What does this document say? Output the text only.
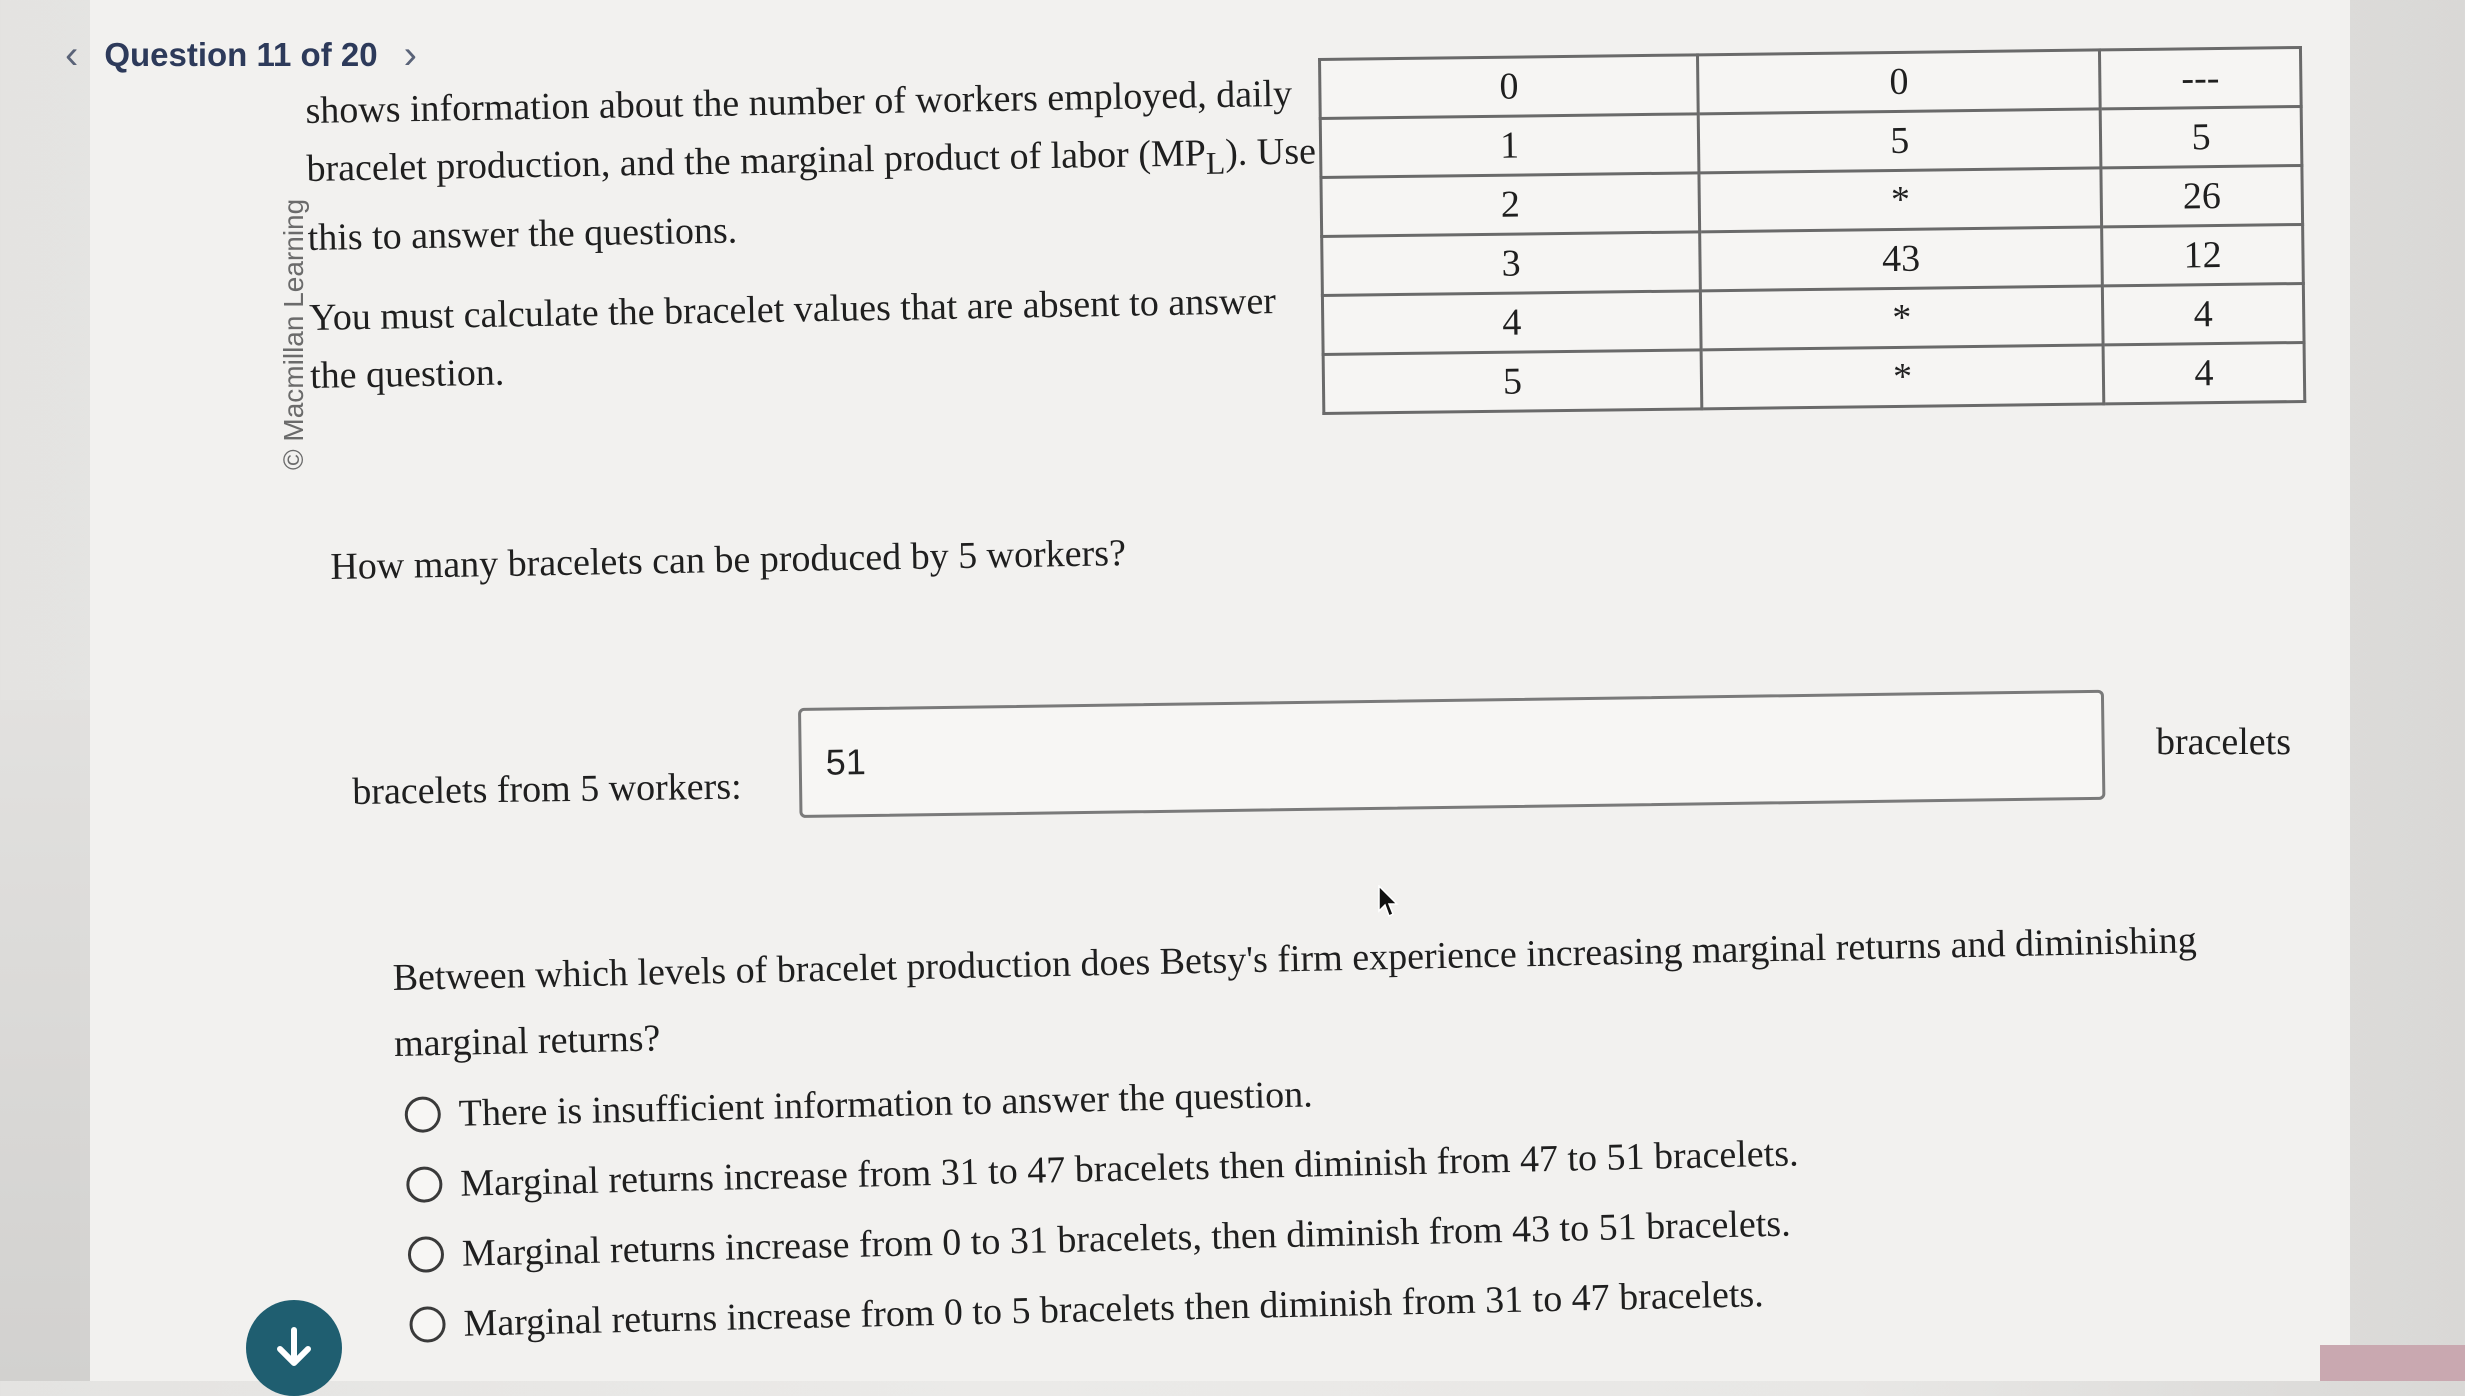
‹ Question 11 of 20 ›
© Macmillan Learning

shows information about the number of workers employed, daily bracelet production, and the marginal product of labor $(MP_L)$. Use this to answer the questions.

You must calculate the bracelet values that are absent to answer the question.

0	0	---
1	5	5
2	*	26
3	43	12
4	*	4
5	*	4
How many bracelets can be produced by 5 workers?
bracelets from 5 workers:
51
bracelets
Between which levels of bracelet production does Betsy's firm experience increasing marginal returns and diminishing marginal returns?
There is insufficient information to answer the question.
Marginal returns increase from 31 to 47 bracelets then diminish from 47 to 51 bracelets.
Marginal returns increase from 0 to 31 bracelets, then diminish from 43 to 51 bracelets.
Marginal returns increase from 0 to 5 bracelets then diminish from 31 to 47 bracelets.
